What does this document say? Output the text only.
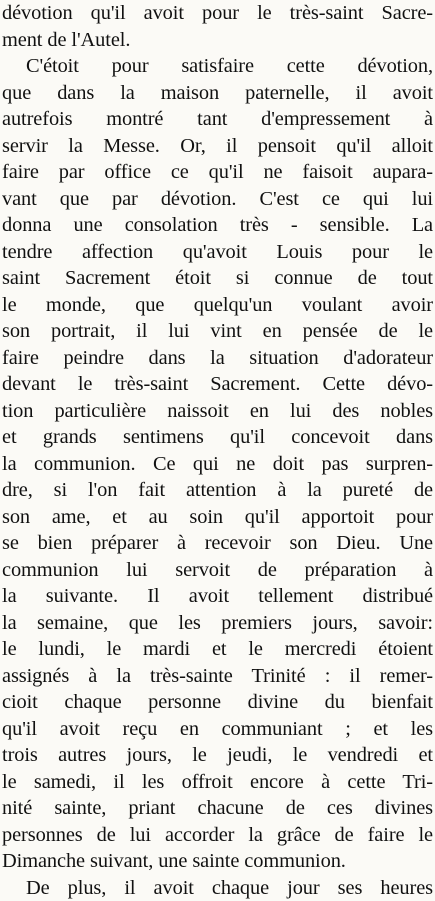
dévotion qu'il avoit pour le très-saint Sacre-
ment de l'Autel.
C'étoit pour satisfaire cette dévotion,
que dans la maison paternelle, il avoit
autrefois montré tant d'empressement à
servir la Messe. Or, il pensoit qu'il alloit
faire par office ce qu'il ne faisoit aupara-
vant que par dévotion. C'est ce qui lui
donna une consolation très - sensible. La
tendre affection qu'avoit Louis pour le
saint Sacrement étoit si connue de tout
le monde, que quelqu'un voulant avoir
son portrait, il lui vint en pensée de le
faire peindre dans la situation d'adorateur
devant le très-saint Sacrement. Cette dévo-
tion particulière naissoit en lui des nobles
et grands sentimens qu'il concevoit dans
la communion. Ce qui ne doit pas surpren-
dre, si l'on fait attention à la pureté de
son ame, et au soin qu'il apportoit pour
se bien préparer à recevoir son Dieu. Une
communion lui servoit de préparation à
la suivante. Il avoit tellement distribué
la semaine, que les premiers jours, savoir:
le lundi, le mardi et le mercredi étoient
assignés à la très-sainte Trinité : il remer-
cioit chaque personne divine du bienfait
qu'il avoit reçu en communiant ; et les
trois autres jours, le jeudi, le vendredi et
le samedi, il les offroit encore à cette Tri-
nité sainte, priant chacune de ces divines
personnes de lui accorder la grâce de faire le
Dimanche suivant, une sainte communion.
De plus, il avoit chaque jour ses heures
